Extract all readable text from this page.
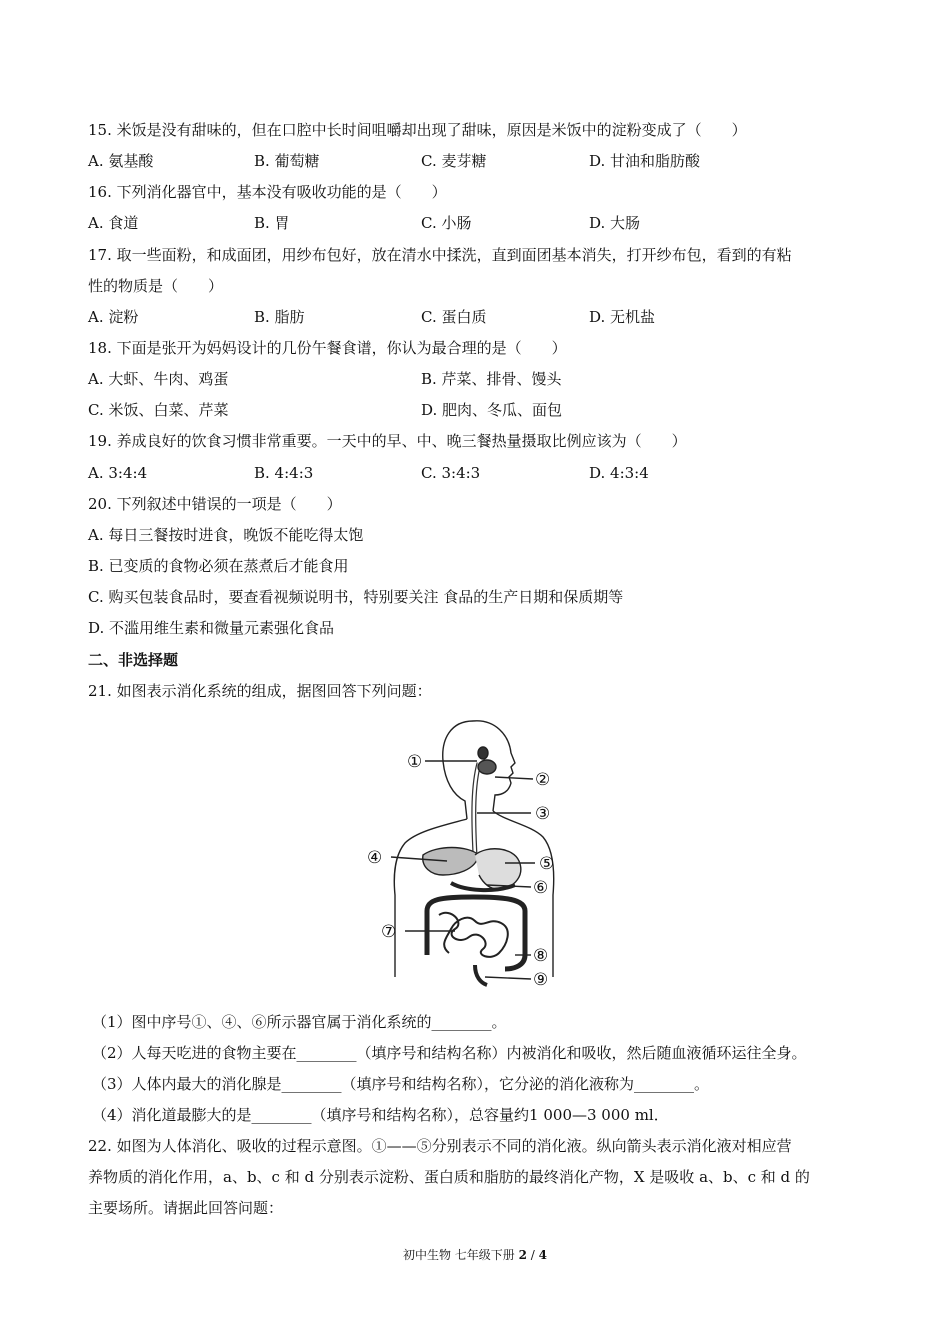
15. 米饭是没有甜味的，但在口腔中长时间咀嚼却出现了甜味，原因是米饭中的淀粉变成了（　　）
A. 氨基酸	B. 葡萄糖	C. 麦芽糖	D. 甘油和脂肪酸
16. 下列消化器官中，基本没有吸收功能的是（　　）
A. 食道	B. 胃	C. 小肠	D. 大肠
17. 取一些面粉，和成面团，用纱布包好，放在清水中揉洗，直到面团基本消失，打开纱布包，看到的有粘
性的物质是（　　）
A. 淀粉	B. 脂肪	C. 蛋白质	D. 无机盐
18. 下面是张开为妈妈设计的几份午餐食谱，你认为最合理的是（　　）
A. 大虾、牛肉、鸡蛋	B. 芹菜、排骨、馒头
C. 米饭、白菜、芹菜	D. 肥肉、冬瓜、面包
19. 养成良好的饮食习惯非常重要。一天中的早、中、晚三餐热量摄取比例应该为（　　）
A. 3:4:4	B. 4:4:3	C. 3:4:3	D. 4:3:4
20. 下列叙述中错误的一项是（　　）
A. 每日三餐按时进食，晚饭不能吃得太饱
B. 已变质的食物必须在蒸煮后才能食用
C. 购买包装食品时，要查看视频说明书，特别要关注 食品的生产日期和保质期等
D. 不滥用维生素和微量元素强化食品
二、非选择题
21. 如图表示消化系统的组成，据图回答下列问题：
①
②
③
④	⑤
⑥
⑦
⑧
⑨
（1）图中序号①、④、⑥所示器官属于消化系统的________。
（2）人每天吃进的食物主要在________（填序号和结构名称）内被消化和吸收，然后随血液循环运往全身。
（3）人体内最大的消化腺是________（填序号和结构名称），它分泌的消化液称为________。
（4）消化道最膨大的是________（填序号和结构名称），总容量约1 000—3 000 ml．
22. 如图为人体消化、吸收的过程示意图。①——⑤分别表示不同的消化液。纵向箭头表示消化液对相应营
养物质的消化作用，a、b、c 和 d 分别表示淀粉、蛋白质和脂肪的最终消化产物，X 是吸收 a、b、c 和 d 的
主要场所。请据此回答问题：
初中生物 七年级下册 2 / 4
